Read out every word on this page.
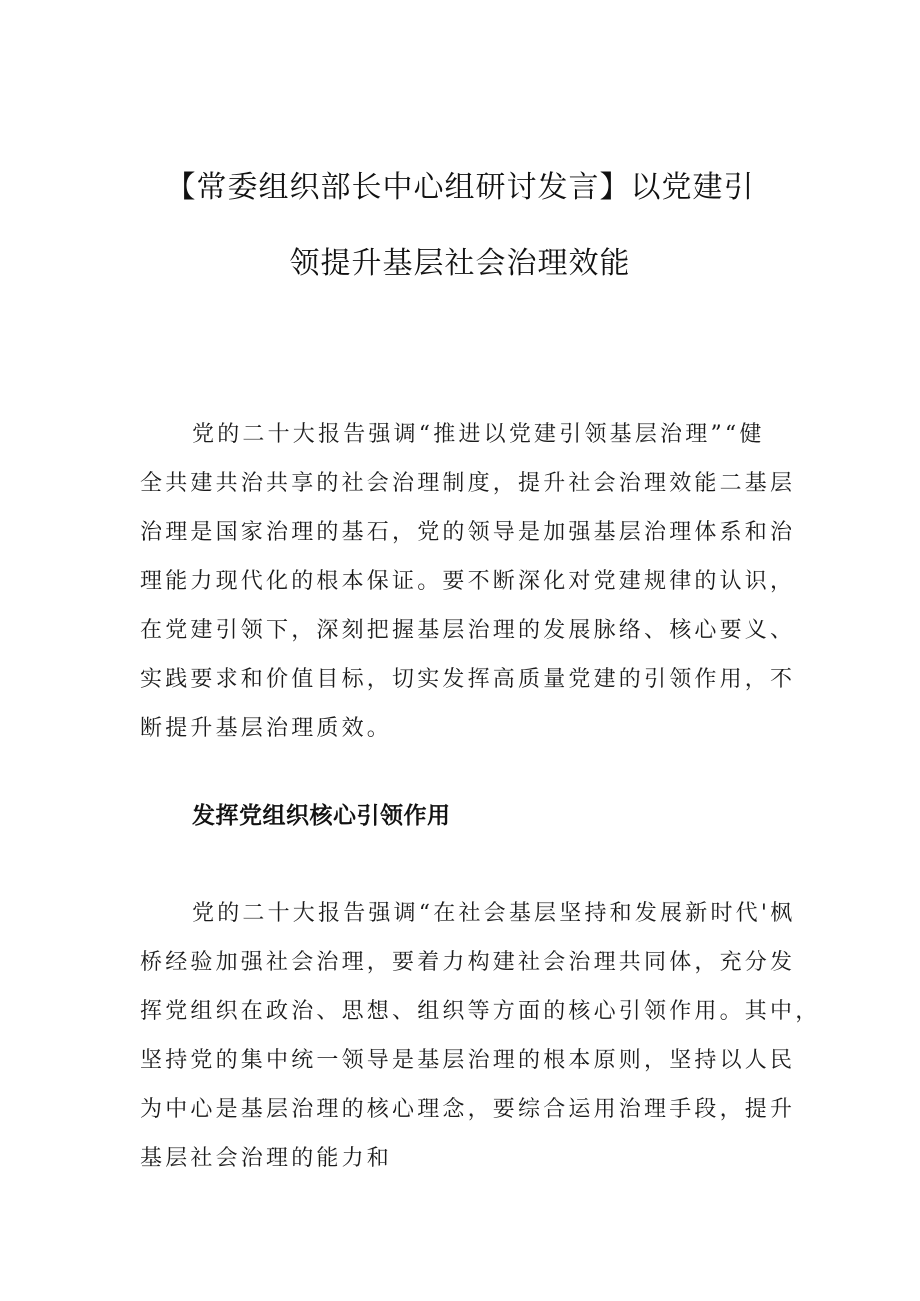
【常委组织部长中心组研讨发言】以党建引
领提升基层社会治理效能
党的二十大报告强调“推进以党建引领基层治理”“健
全共建共治共享的社会治理制度，提升社会治理效能二基层
治理是国家治理的基石，党的领导是加强基层治理体系和治
理能力现代化的根本保证。要不断深化对党建规律的认识，
在党建引领下，深刻把握基层治理的发展脉络、核心要义、
实践要求和价值目标，切实发挥高质量党建的引领作用，不
断提升基层治理质效。
发挥党组织核心引领作用
党的二十大报告强调“在社会基层坚持和发展新时代'枫
桥经验加强社会治理，要着力构建社会治理共同体，充分发
挥党组织在政治、思想、组织等方面的核心引领作用。其中，
坚持党的集中统一领导是基层治理的根本原则，坚持以人民
为中心是基层治理的核心理念，要综合运用治理手段，提升
基层社会治理的能力和
